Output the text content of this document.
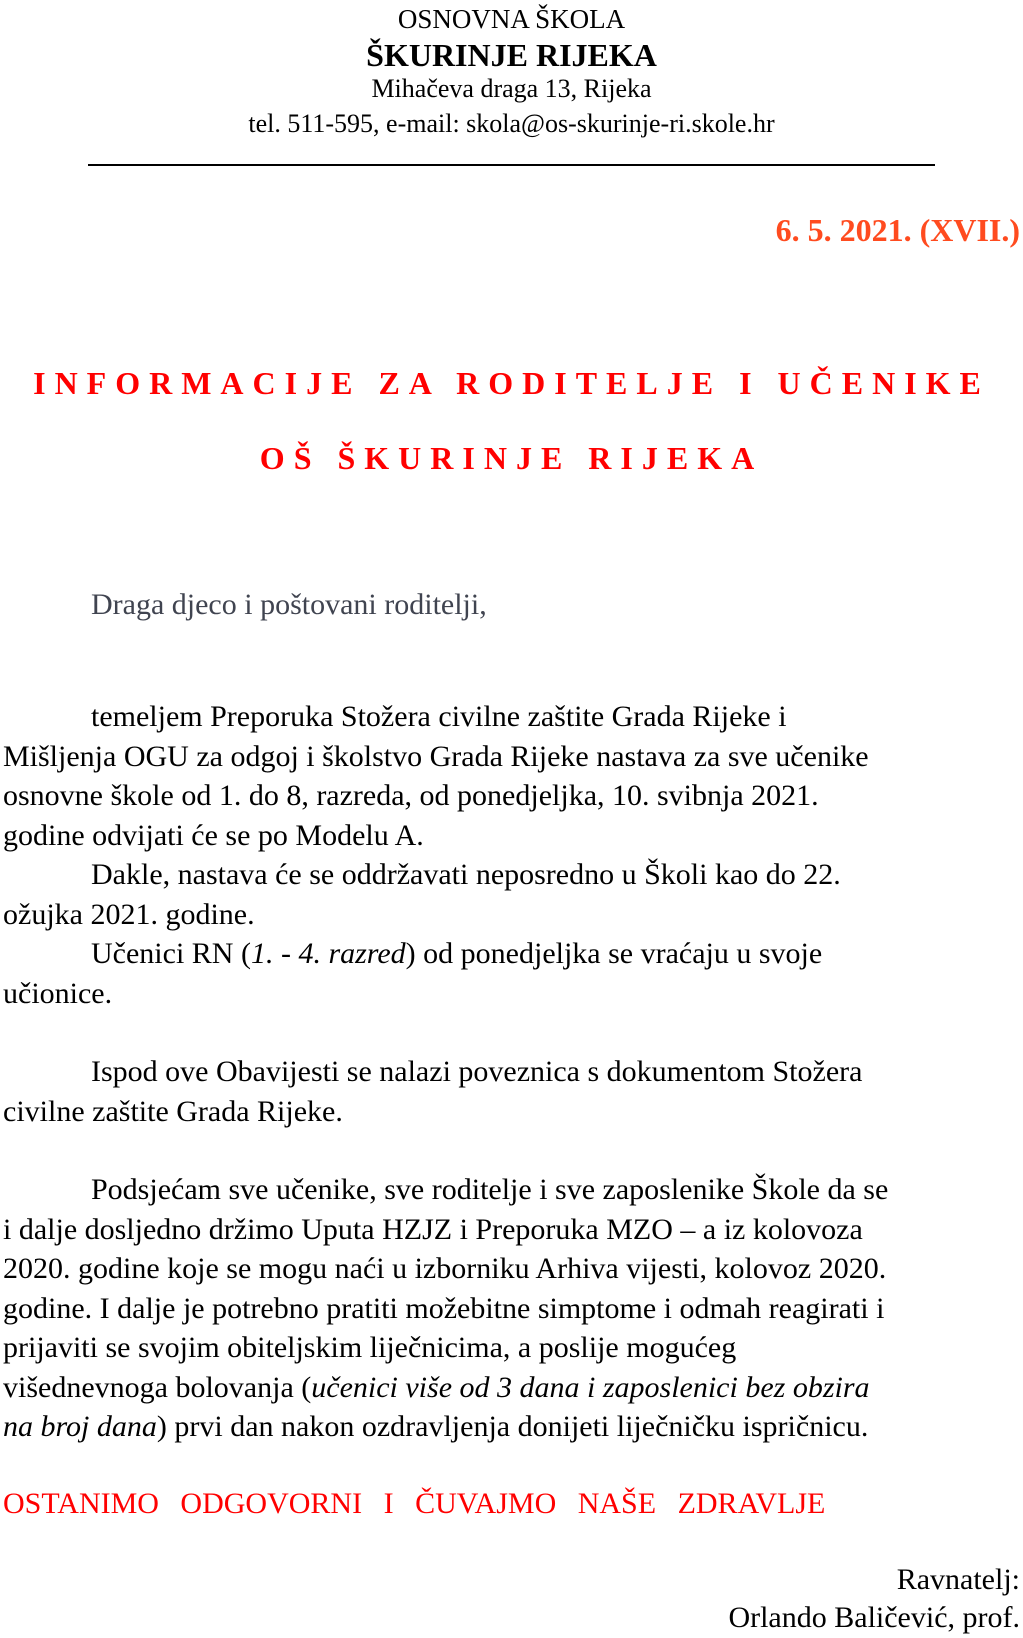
OSNOVNA ŠKOLA
ŠKURINJE RIJEKA
Mihačeva draga 13, Rijeka
tel. 511-595, e-mail: skola@os-skurinje-ri.skole.hr
6. 5. 2021. (XVII.)
INFORMACIJE ZA RODITELJE I UČENIKE
OŠ ŠKURINJE RIJEKA
Draga djeco i poštovani roditelji,
temeljem Preporuka Stožera civilne zaštite Grada Rijeke i
Mišljenja OGU za odgoj i školstvo Grada Rijeke nastava za sve učenike
osnovne škole od 1. do 8, razreda, od ponedjeljka, 10. svibnja 2021.
godine odvijati će se po Modelu A.
Dakle, nastava će se oddržavati neposredno u Školi kao do 22.
ožujka 2021. godine.
Učenici RN (1. - 4. razred) od ponedjeljka se vraćaju u svoje
učionice.
Ispod ove Obavijesti se nalazi poveznica s dokumentom Stožera
civilne zaštite Grada Rijeke.
Podsjećam sve učenike, sve roditelje i sve zaposlenike Škole da se
i dalje dosljedno držimo Uputa HZJZ i Preporuka MZO – a iz kolovoza
2020. godine koje se mogu naći u izborniku Arhiva vijesti, kolovoz 2020.
godine. I dalje je potrebno pratiti možebitne simptome i odmah reagirati i
prijaviti se svojim obiteljskim liječnicima, a poslije mogućeg
višednevnoga bolovanja (učenici više od 3 dana i zaposlenici bez obzira
na broj dana) prvi dan nakon ozdravljenja donijeti liječničku ispričnicu.
OSTANIMO ODGOVORNI I ČUVAJMO NAŠE ZDRAVLJE
Ravnatelj:
Orlando Baličević, prof.
